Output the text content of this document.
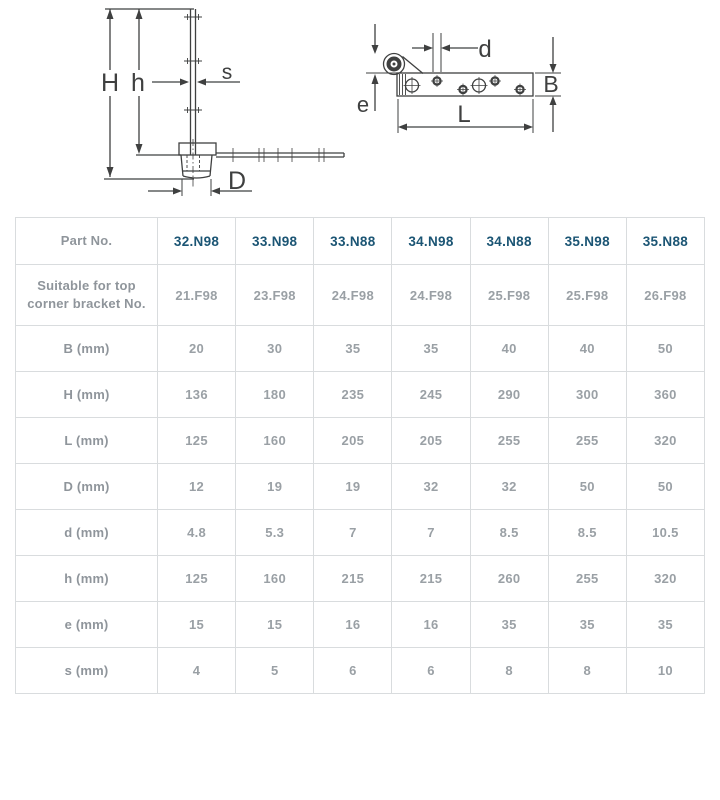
H h	s
D
d
B
L
e
Part No.	32.N98	33.N98	33.N88	34.N98	34.N88	35.N98	35.N88
Suitable for top corner bracket No.	21.F98	23.F98	24.F98	24.F98	25.F98	25.F98	26.F98
B (mm)	20	30	35	35	40	40	50
H (mm)	136	180	235	245	290	300	360
L (mm)	125	160	205	205	255	255	320
D (mm)	12	19	19	32	32	50	50
d (mm)	4.8	5.3	7	7	8.5	8.5	10.5
h (mm)	125	160	215	215	260	255	320
e (mm)	15	15	16	16	35	35	35
s (mm)	4	5	6	6	8	8	10
